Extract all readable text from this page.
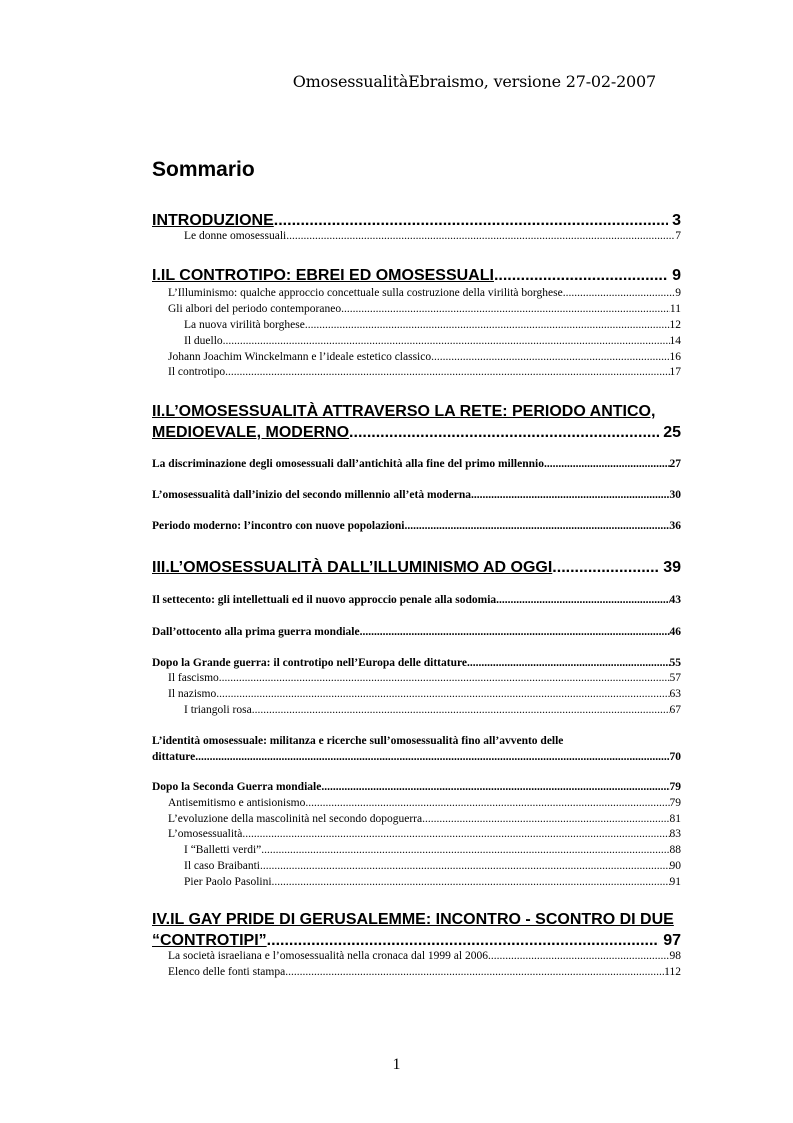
OmosessualitàEbraismo, versione 27-02-2007
Sommario
INTRODUZIONE .....	3
Le donne omosessuali .....	7
I.IL CONTROTIPO: EBREI ED OMOSESSUALI .....	9
L’Illuminismo: qualche approccio concettuale sulla costruzione della virilità borghese .....	9
Gli albori del periodo contemporaneo .....	11
La nuova virilità borghese .....	12
Il duello .....	14
Johann Joachim Winckelmann e l’ideale estetico classico .....	16
Il controtipo .....	17
II.L’OMOSESSUALITÀ ATTRAVERSO LA RETE: PERIODO ANTICO,
MEDIOEVALE, MODERNO .....	25
La discriminazione degli omosessuali dall’antichità alla fine del primo millennio .....	27
L’omosessualità dall’inizio del secondo millennio all’età moderna .....	30
Periodo moderno: l’incontro con nuove popolazioni .....	36
III.L’OMOSESSUALITÀ DALL’ILLUMINISMO AD OGGI .....	39
Il settecento: gli intellettuali ed il nuovo approccio penale alla sodomia .....	43
Dall’ottocento alla prima guerra mondiale .....	46
Dopo la Grande guerra: il controtipo nell’Europa delle dittature .....	55
Il fascismo .....	57
Il nazismo .....	63
I triangoli rosa .....	67
L’identità omosessuale: militanza e ricerche sull’omosessualità fino all’avvento delle
dittature .....	70
Dopo la Seconda Guerra mondiale .....	79
Antisemitismo e antisionismo .....	79
L’evoluzione della mascolinità nel secondo dopoguerra .....	81
L’omosessualità .....	83
I “Balletti verdi” .....	88
Il caso Braibanti .....	90
Pier Paolo Pasolini .....	91
IV.IL GAY PRIDE DI GERUSALEMME: INCONTRO - SCONTRO DI DUE
“CONTROTIPI” .....	97
La società israeliana e l’omosessualità nella cronaca dal 1999 al 2006 .....	98
Elenco delle fonti stampa .....	112
1
